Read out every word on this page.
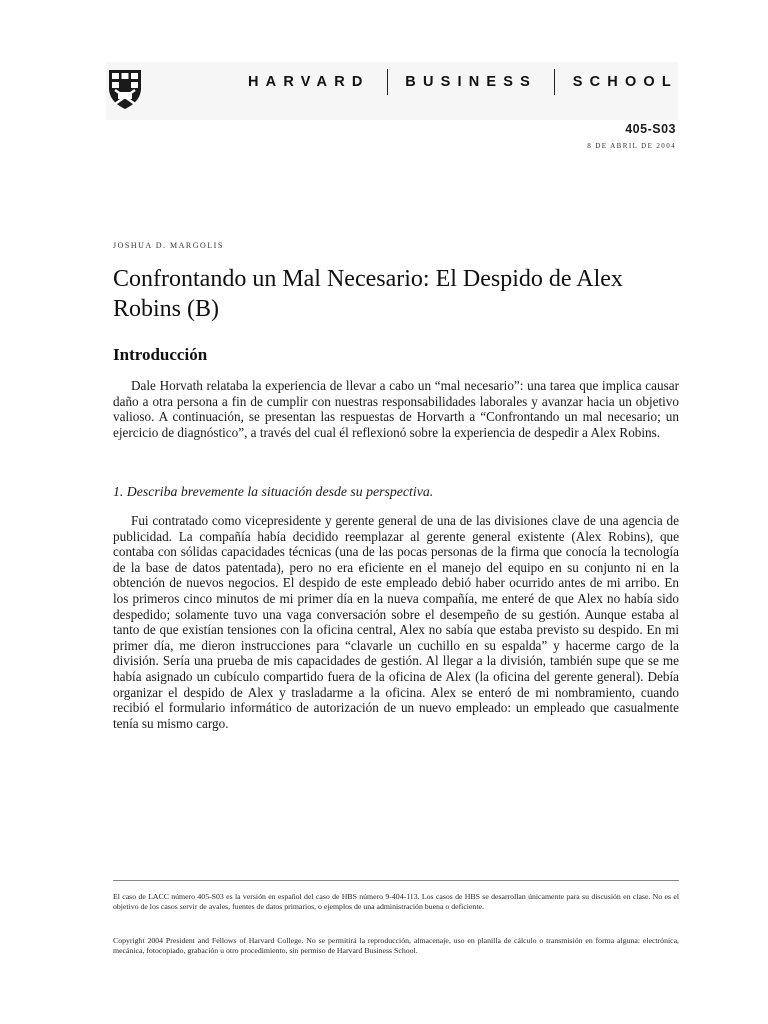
HARVARD BUSINESS SCHOOL
405-S03
8 DE ABRIL DE 2004
JOSHUA D. MARGOLIS
Confrontando un Mal Necesario: El Despido de Alex Robins (B)
Introducción

Dale Horvath relataba la experiencia de llevar a cabo un “mal necesario”: una tarea que implica causar daño a otra persona a fin de cumplir con nuestras responsabilidades laborales y avanzar hacia un objetivo valioso. A continuación, se presentan las respuestas de Horvarth a “Confrontando un mal necesario; un ejercicio de diagnóstico”, a través del cual él reflexionó sobre la experiencia de despedir a Alex Robins.

1. Describa brevemente la situación desde su perspectiva.

Fui contratado como vicepresidente y gerente general de una de las divisiones clave de una agencia de publicidad. La compañía había decidido reemplazar al gerente general existente (Alex Robins), que contaba con sólidas capacidades técnicas (una de las pocas personas de la firma que conocía la tecnología de la base de datos patentada), pero no era eficiente en el manejo del equipo en su conjunto ni en la obtención de nuevos negocios. El despido de este empleado debió haber ocurrido antes de mi arribo. En los primeros cinco minutos de mi primer día en la nueva compañía, me enteré de que Alex no había sido despedido; solamente tuvo una vaga conversación sobre el desempeño de su gestión. Aunque estaba al tanto de que existían tensiones con la oficina central, Alex no sabía que estaba previsto su despido. En mi primer día, me dieron instrucciones para “clavarle un cuchillo en su espalda” y hacerme cargo de la división. Sería una prueba de mis capacidades de gestión. Al llegar a la división, también supe que se me había asignado un cubículo compartido fuera de la oficina de Alex (la oficina del gerente general). Debía organizar el despido de Alex y trasladarme a la oficina. Alex se enteró de mi nombramiento, cuando recibió el formulario informático de autorización de un nuevo empleado: un empleado que casualmente tenía su mismo cargo.

El caso de LACC número 405-S03 es la versión en español del caso de HBS número 9-404-113. Los casos de HBS se desarrollan únicamente para su discusión en clase. No es el objetivo de los casos servir de avales, fuentes de datos primarios, o ejemplos de una administración buena o deficiente.

Copyright 2004 President and Fellows of Harvard College. No se permitirá la reproducción, almacenaje, uso en planilla de cálculo o transmisión en forma alguna: electrónica, mecánica, fotocopiado, grabación u otro procedimiento, sin permiso de Harvard Business School.
